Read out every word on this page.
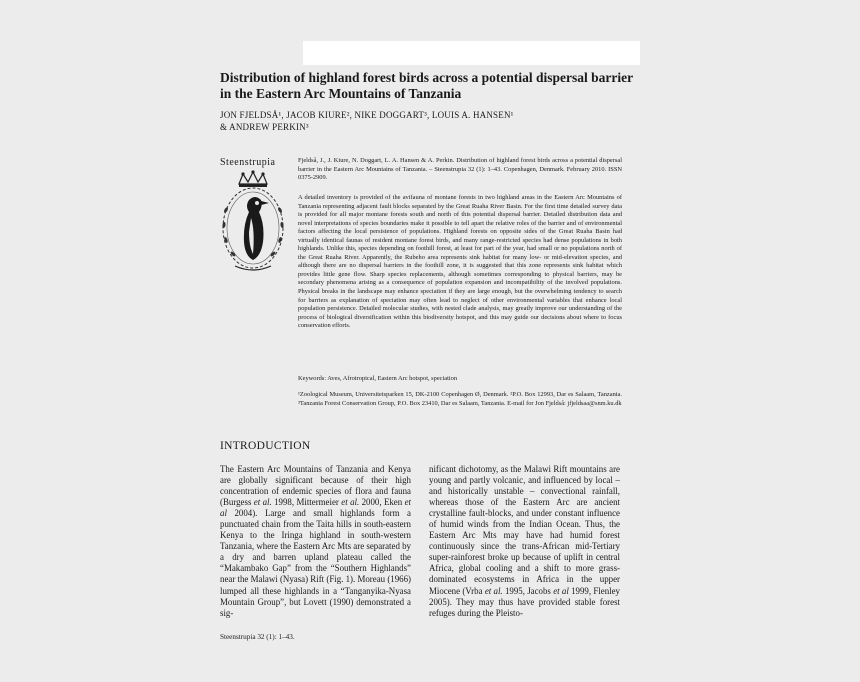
Distribution of highland forest birds across a potential dispersal barrier in the Eastern Arc Mountains of Tanzania
JON FJELDSÅ¹, JACOB KIURE², NIKE DOGGART³, LOUIS A. HANSEN¹
& ANDREW PERKIN³
Steenstrupia	Fjeldså, J., J. Kiure, N. Doggart, L. A. Hansen & A. Perkin. Distribution of highland forest birds across a potential dispersal barrier in the Eastern Arc Mountains of Tanzania. – Steenstrupia 32 (1): 1–43. Copenhagen, Denmark. February 2010. ISSN 0375-2909.
A detailed inventory is provided of the avifauna of montane forests in two highland areas in the Eastern Arc Mountains of Tanzania representing adjacent fault blocks separated by the Great Ruaha River Basin. For the first time detailed survey data is provided for all major montane forests south and north of this potential dispersal barrier. Detailed distribution data and novel interpretations of species boundaries make it possible to tell apart the relative roles of the barrier and of environmental factors affecting the local persistence of populations. Highland forests on opposite sides of the Great Ruaha Basin had virtually identical faunas of resident montane forest birds, and many range-restricted species had dense populations in both highlands. Unlike this, species depending on foothill forest, at least for part of the year, had small or no populations north of the Great Ruaha River. Apparently, the Rubeho area represents sink habitat for many low- or mid-elevation species, and although there are no dispersal barriers in the foothill zone, it is suggested that this zone represents sink habitat which provides little gene flow. Sharp species replacements, although sometimes corresponding to physical barriers, may be secondary phenomena arising as a consequence of population expansion and incompatibility of the involved populations. Physical breaks in the landscape may enhance speciation if they are large enough, but the overwhelming tendency to search for barriers as explanation of speciation may often lead to neglect of other environmental variables that enhance local population persistence. Detailed molecular studies, with nested clade analysis, may greatly improve our understanding of the process of biological diversification within this biodiversity hotspot, and this may guide our decisions about where to focus conservation efforts.
Keywords: Aves, Afrotropical, Eastern Arc hotspot, speciation
¹Zoological Museum, Universitetsparken 15, DK-2100 Copenhagen Ø, Denmark. ²P.O. Box 12993, Dar es Salaam, Tanzania. ³Tanzania Forest Conservation Group, P.O. Box 23410, Dar es Salaam, Tanzania. E-mail for Jon Fjeldså: jfjeldsaa@snm.ku.dk
INTRODUCTION
The Eastern Arc Mountains of Tanzania and Kenya are globally significant because of their high concentration of endemic species of flora and fauna (Burgess et al. 1998, Mittermeier et al. 2000, Eken et al 2004). Large and small highlands form a punctuated chain from the Taita hills in south-eastern Kenya to the Iringa highland in south-western Tanzania, where the Eastern Arc Mts are separated by a dry and barren upland plateau called the “Makambako Gap” from the “Southern Highlands” near the Malawi (Nyasa) Rift (Fig. 1). Moreau (1966) lumped all these highlands in a “Tanganyika-Nyasa Mountain Group”, but Lovett (1990) demonstrated a sig-
nificant dichotomy, as the Malawi Rift mountains are young and partly volcanic, and influenced by local – and historically unstable – convectional rainfall, whereas those of the Eastern Arc are ancient crystalline fault-blocks, and under constant influence of humid winds from the Indian Ocean. Thus, the Eastern Arc Mts may have had humid forest continuously since the trans-African mid-Tertiary super-rainforest broke up because of uplift in central Africa, global cooling and a shift to more grass-dominated ecosystems in Africa in the upper Miocene (Vrba et al. 1995, Jacobs et al 1999, Flenley 2005). They may thus have provided stable forest refuges during the Pleisto-
Steenstrupia 32 (1): 1–43.
